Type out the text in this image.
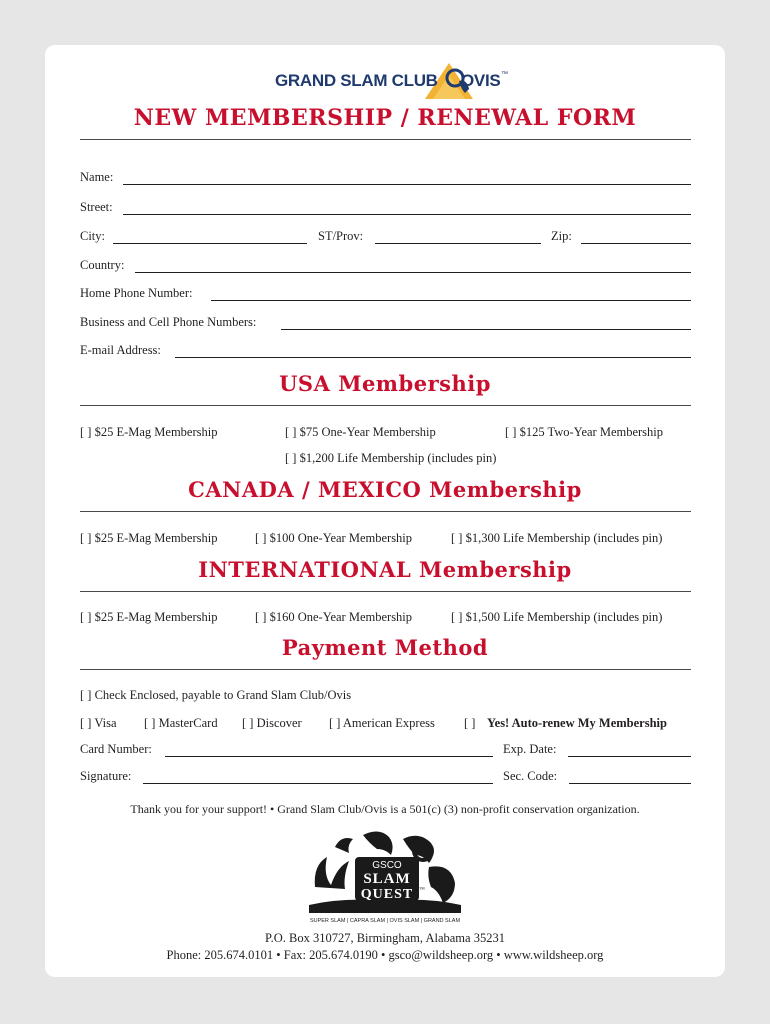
GRAND SLAM CLUB OVIS ™
NEW MEMBERSHIP / RENEWAL FORM
Name:
Street:
City:	ST/Prov:	Zip:
Country:
Home Phone Number:
Business and Cell Phone Numbers:
E-mail Address:
USA Membership
[ ] $25 E-Mag Membership	[ ] $75 One-Year Membership	[ ] $125 Two-Year Membership
[ ] $1,200 Life Membership (includes pin)
CANADA / MEXICO Membership
[ ] $25 E-Mag Membership	[ ] $100 One-Year Membership	[ ] $1,300 Life Membership (includes pin)
INTERNATIONAL Membership
[ ] $25 E-Mag Membership	[ ] $160 One-Year Membership	[ ] $1,500 Life Membership (includes pin)
Payment Method
[ ] Check Enclosed, payable to Grand Slam Club/Ovis
[ ] Visa [ ] MasterCard [ ] Discover [ ] American Express [ ] Yes! Auto-renew My Membership
Card Number:	Exp. Date:
Signature:	Sec. Code:
Thank you for your support! • Grand Slam Club/Ovis is a 501(c) (3) non-profit conservation organization.
GSCO
SLAM
QUEST ™
SUPER SLAM | CAPRA SLAM | OVIS SLAM | GRAND SLAM
P.O. Box 310727, Birmingham, Alabama 35231
Phone: 205.674.0101 • Fax: 205.674.0190 • gsco@wildsheep.org • www.wildsheep.org
